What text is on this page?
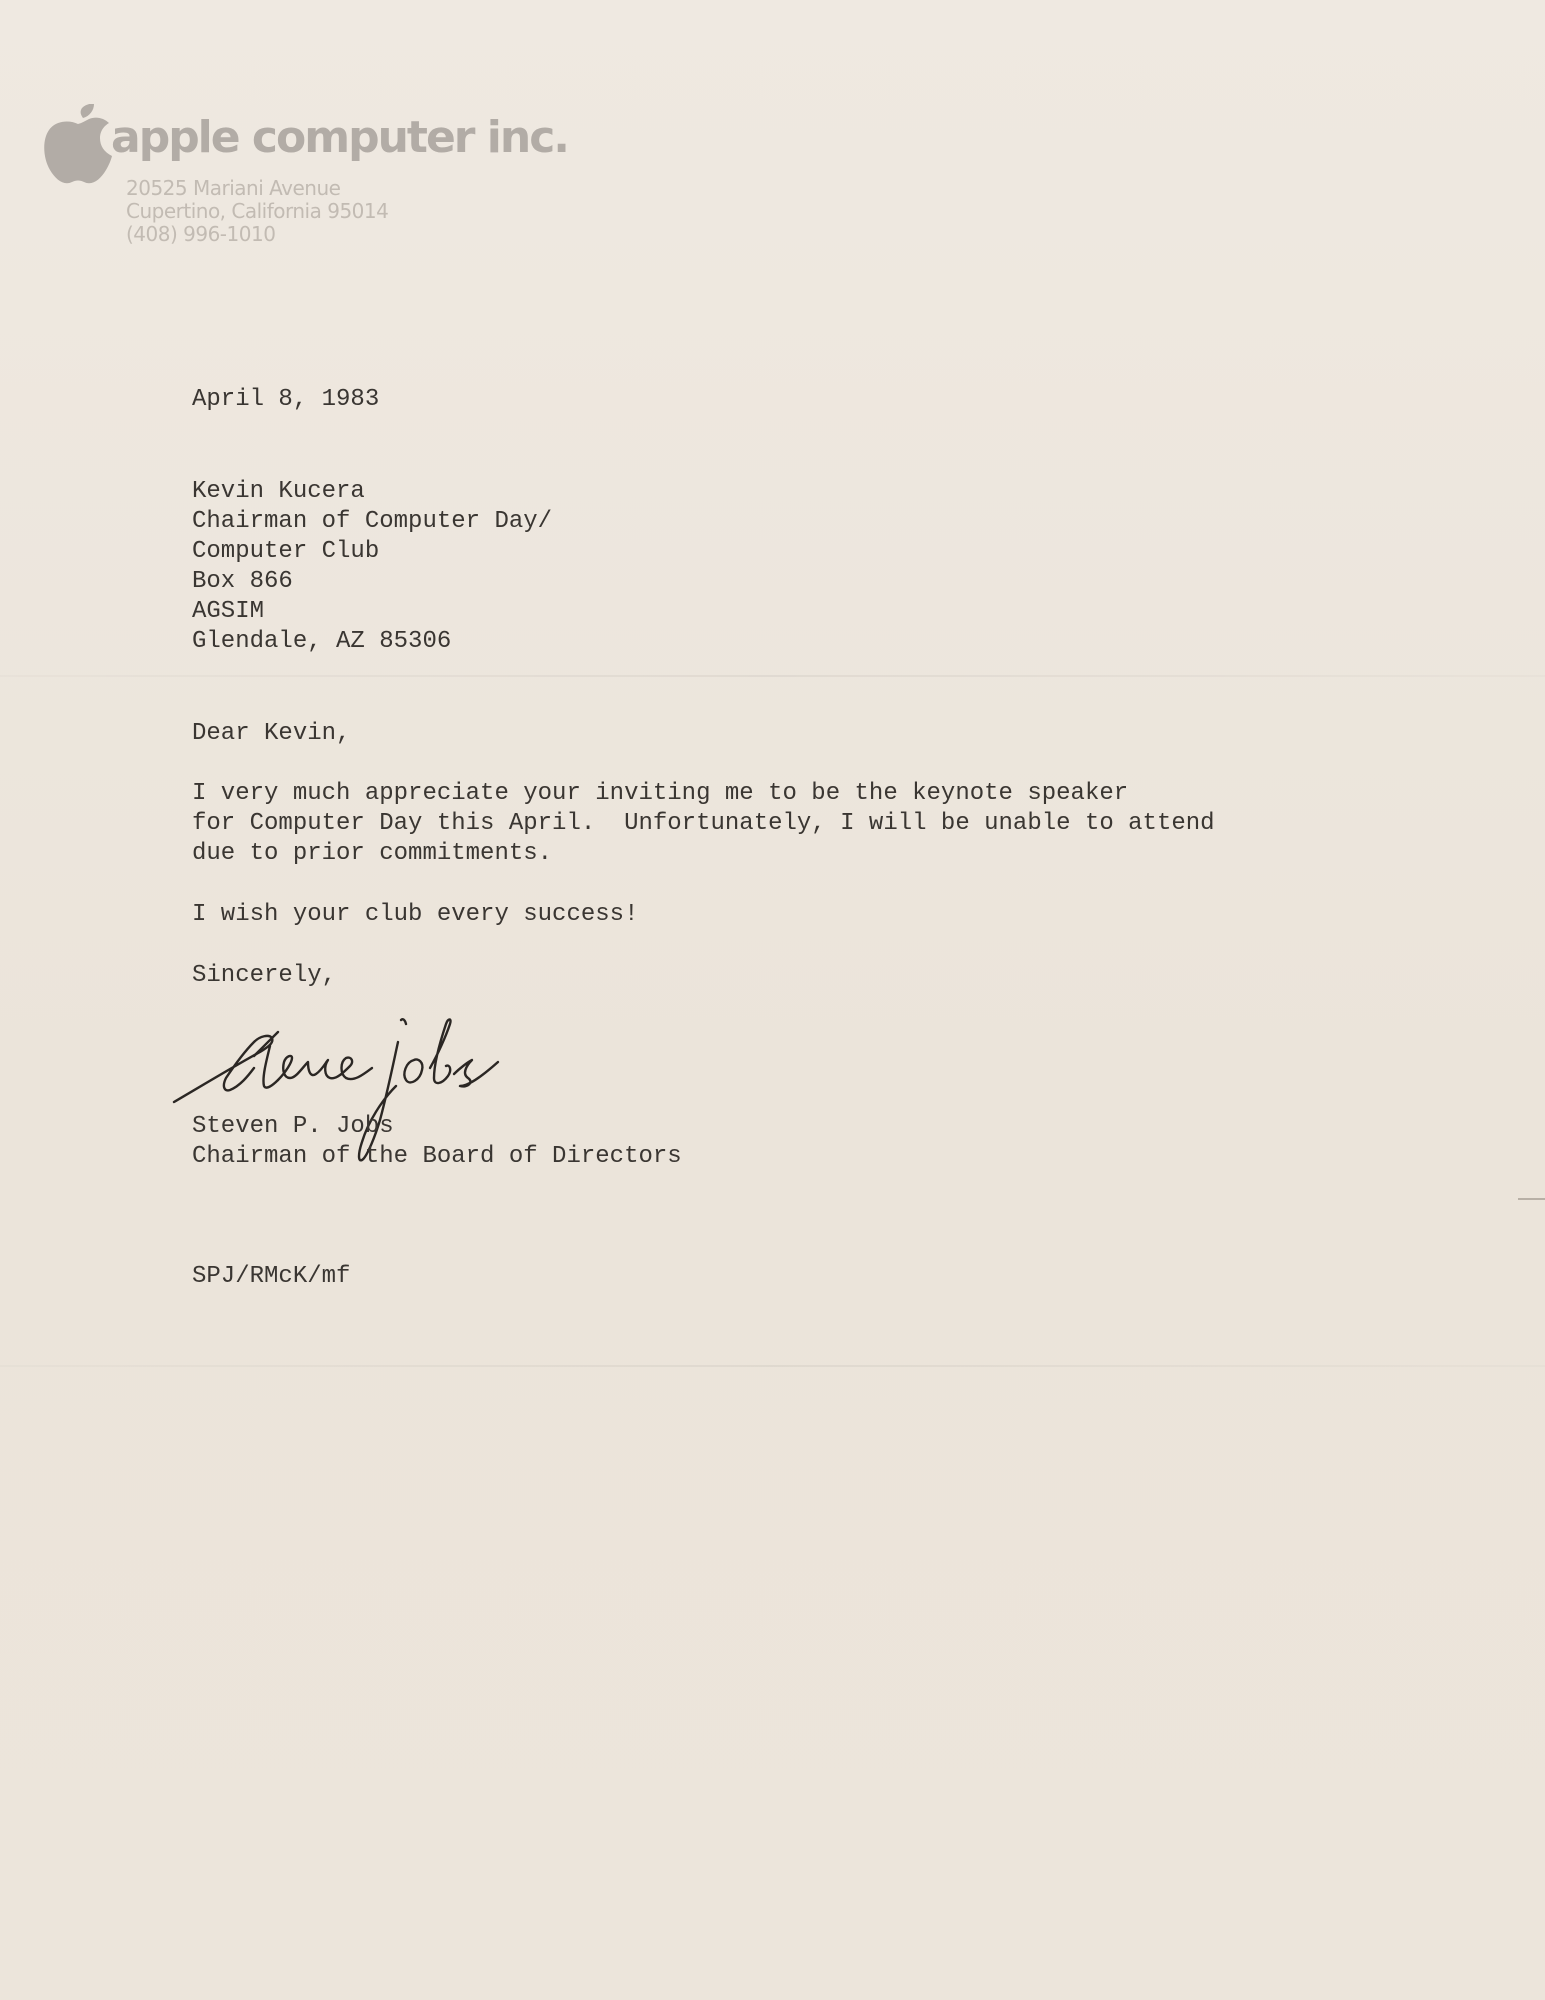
apple computer inc.
20525 Mariani Avenue
Cupertino, California 95014
(408) 996-1010
April 8, 1983
Kevin Kucera
Chairman of Computer Day/
Computer Club
Box 866
AGSIM
Glendale, AZ 85306
Dear Kevin,
I very much appreciate your inviting me to be the keynote speaker
for Computer Day this April.  Unfortunately, I will be unable to attend
due to prior commitments.
I wish your club every success!
Sincerely,
Steven P. Jobs
Chairman of the Board of Directors
SPJ/RMcK/mf
